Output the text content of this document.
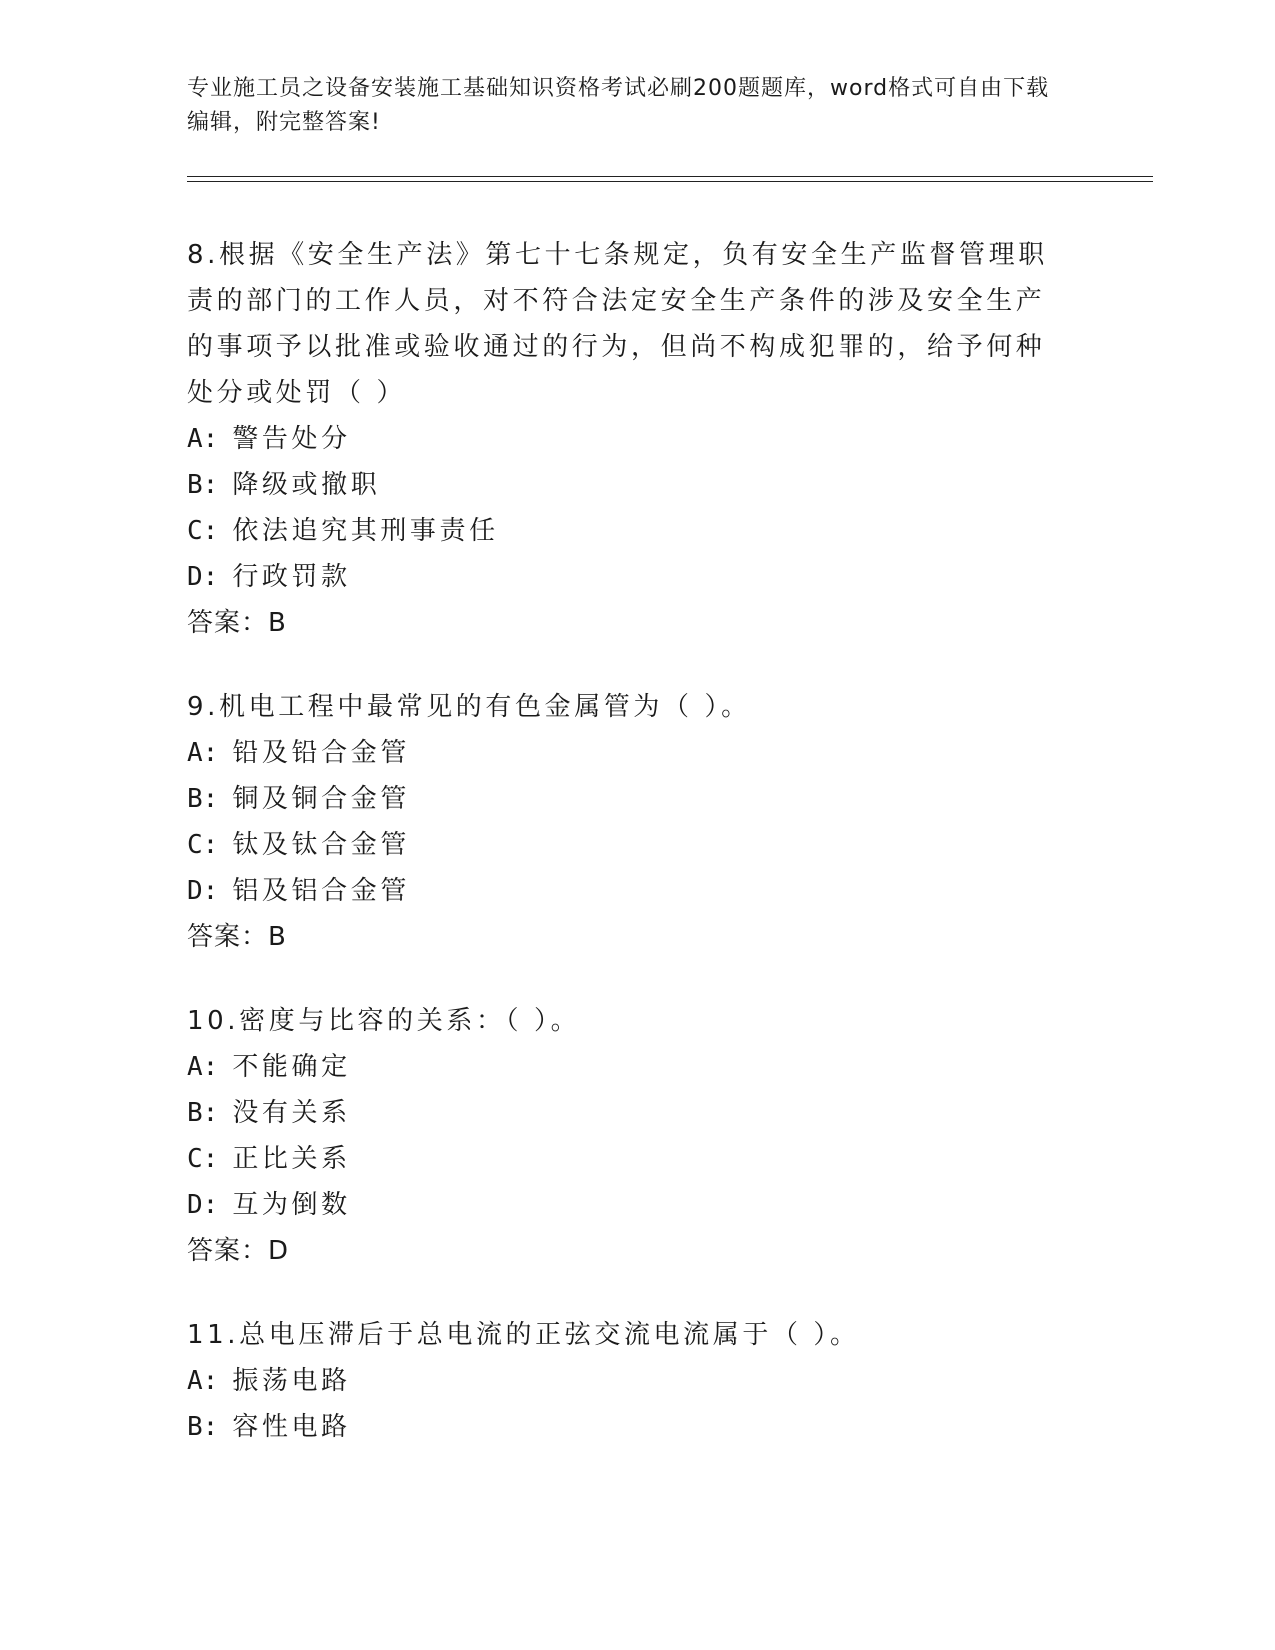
专业施工员之设备安装施工基础知识资格考试必刷200题题库，word格式可自由下载编辑，附完整答案!

8.根据《安全生产法》第七十七条规定，负有安全生产监督管理职责的部门的工作人员，对不符合法定安全生产条件的涉及安全生产的事项予以批准或验收通过的行为，但尚不构成犯罪的，给予何种处分或处罚（ ）

A: 警告处分

B: 降级或撤职

C: 依法追究其刑事责任

D: 行政罚款

答案：B

9.机电工程中最常见的有色金属管为（ ）。

A: 铅及铅合金管

B: 铜及铜合金管

C: 钛及钛合金管

D: 铝及铝合金管

答案：B

10.密度与比容的关系：（ ）。

A: 不能确定

B: 没有关系

C: 正比关系

D: 互为倒数

答案：D

11.总电压滞后于总电流的正弦交流电流属于（ ）。

A: 振荡电路

B: 容性电路
